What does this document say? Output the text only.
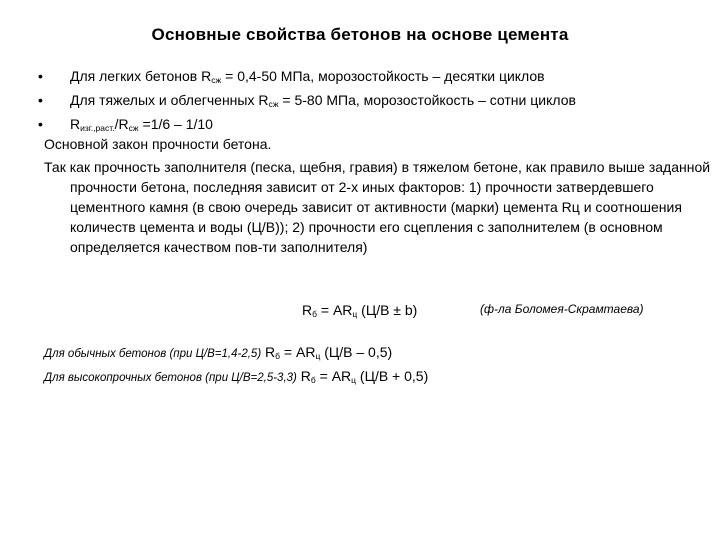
Основные свойства бетонов на основе цемента
•	Для легких бетонов $R_{сж} = 0,4-50$ МПа, морозостойкость – десятки циклов
•	Для тяжелых и облегченных $R_{сж} = 5-80$ МПа, морозостойкость – сотни циклов
•	$R_{изг.,раст.}/R_{сж} =1/6 - 1/10$
Основной закон прочности бетона.
Так как прочность заполнителя (песка, щебня, гравия) в тяжелом бетоне, как правило выше заданной прочности бетона, последняя зависит от 2-х иных факторов: 1) прочности затвердевшего цементного камня (в свою очередь зависит от активности (марки) цемента Rц и соотношения количеств цемента и воды (Ц/В)); 2) прочности его сцепления с заполнителем (в основном определяется качеством пов-ти заполнителя)
$R_б = AR_ц$ (Ц/В ± b)	(ф-ла Боломея-Скрамтаева)
Для обычных бетонов (при Ц/В=1,4-2,5) $R_б = AR_ц$ (Ц/В – 0,5)
Для высокопрочных бетонов (при Ц/В=2,5-3,3) $R_б = AR_ц$ (Ц/В + 0,5)
